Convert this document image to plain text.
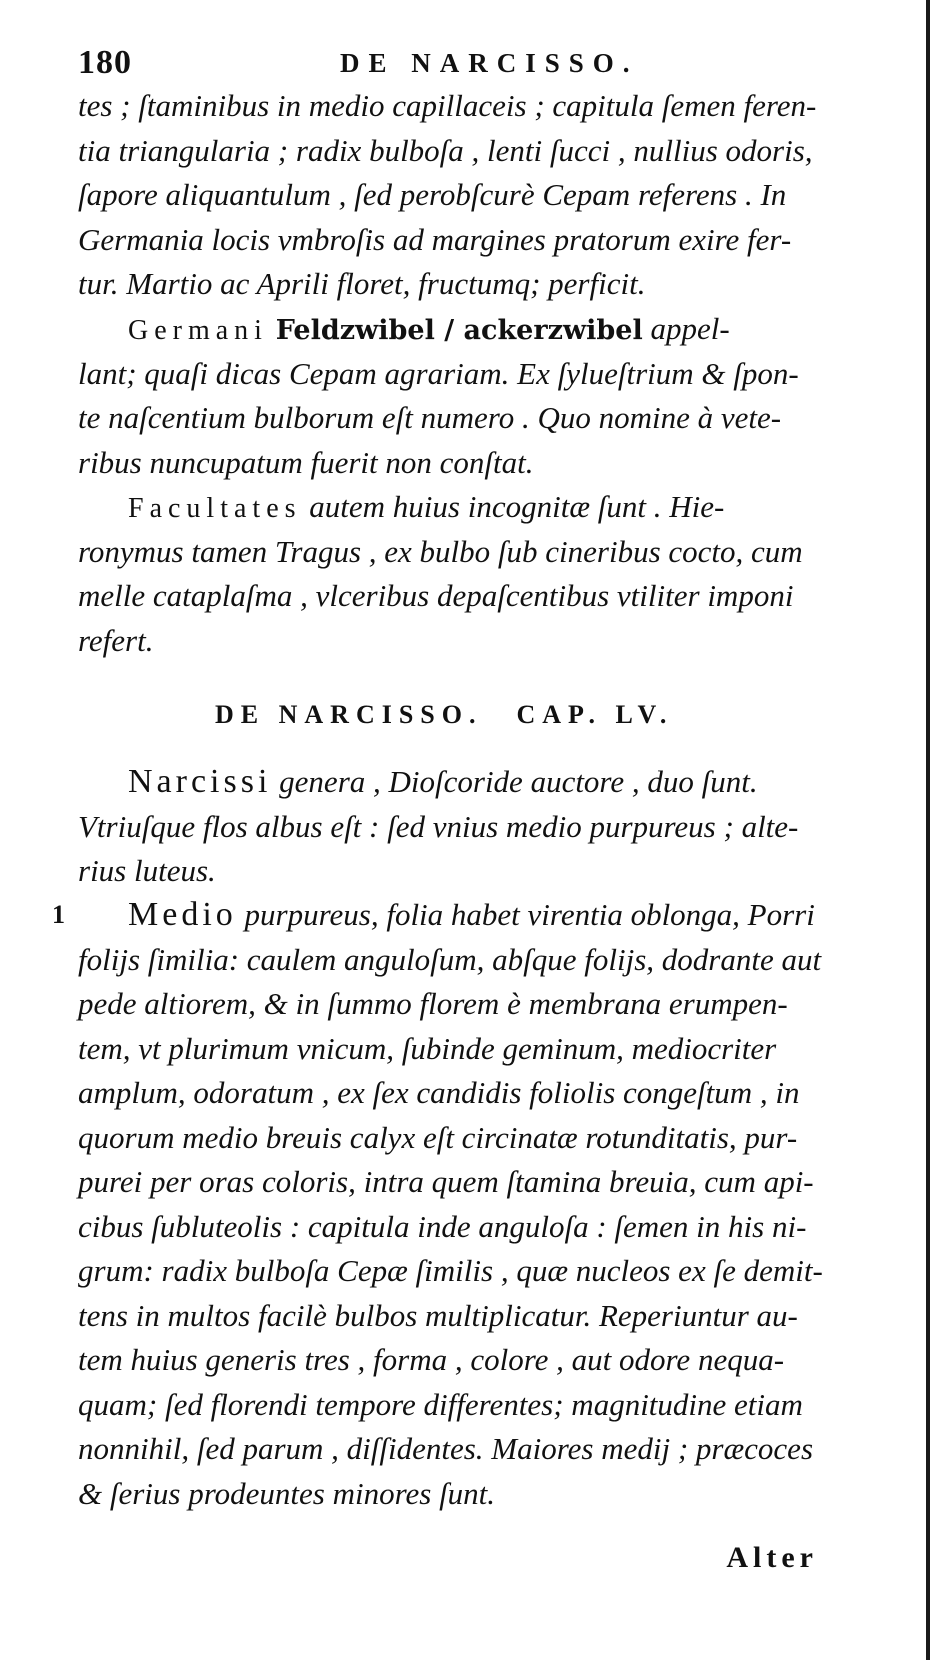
180	DE NARCISSO.
tes ; ſtaminibus in medio capillaceis ; capitula ſemen feren-
tia triangularia ; radix bulboſa , lenti ſucci , nullius odoris,
ſapore aliquantulum , ſed perobſcurè Cepam referens . In
Germania locis vmbroſis ad margines pratorum exire fer-
tur. Martio ac Aprili floret, fructumq; perficit.
Germani Feldzwibel / ackerzwibel appel-
lant; quaſi dicas Cepam agrariam. Ex ſylueſtrium & ſpon-
te naſcentium bulborum eſt numero . Quo nomine à vete-
ribus nuncupatum fuerit non conſtat.
Facultates autem huius incognitæ ſunt . Hie-
ronymus tamen Tragus , ex bulbo ſub cineribus cocto, cum
melle cataplaſma , vlceribus depaſcentibus vtiliter imponi
refert.
DE NARCISSO. CAP. LV.
Narcissi genera , Dioſcoride auctore , duo ſunt.
Vtriuſque flos albus eſt : ſed vnius medio purpureus ; alte-
rius luteus.
1	Medio purpureus, folia habet virentia oblonga, Porri
folijs ſimilia: caulem anguloſum, abſque folijs, dodrante aut
pede altiorem, & in ſummo florem è membrana erumpen-
tem, vt plurimum vnicum, ſubinde geminum, mediocriter
amplum, odoratum , ex ſex candidis foliolis congeſtum , in
quorum medio breuis calyx eſt circinatæ rotunditatis, pur-
purei per oras coloris, intra quem ſtamina breuia, cum api-
cibus ſubluteolis : capitula inde anguloſa : ſemen in his ni-
grum: radix bulboſa Cepæ ſimilis , quæ nucleos ex ſe demit-
tens in multos facilè bulbos multiplicatur. Reperiuntur au-
tem huius generis tres , forma , colore , aut odore nequa-
quam; ſed florendi tempore differentes; magnitudine etiam
nonnihil, ſed parum , diſſidentes. Maiores medij ; præcoces
& ſerius prodeuntes minores ſunt.
Alter
